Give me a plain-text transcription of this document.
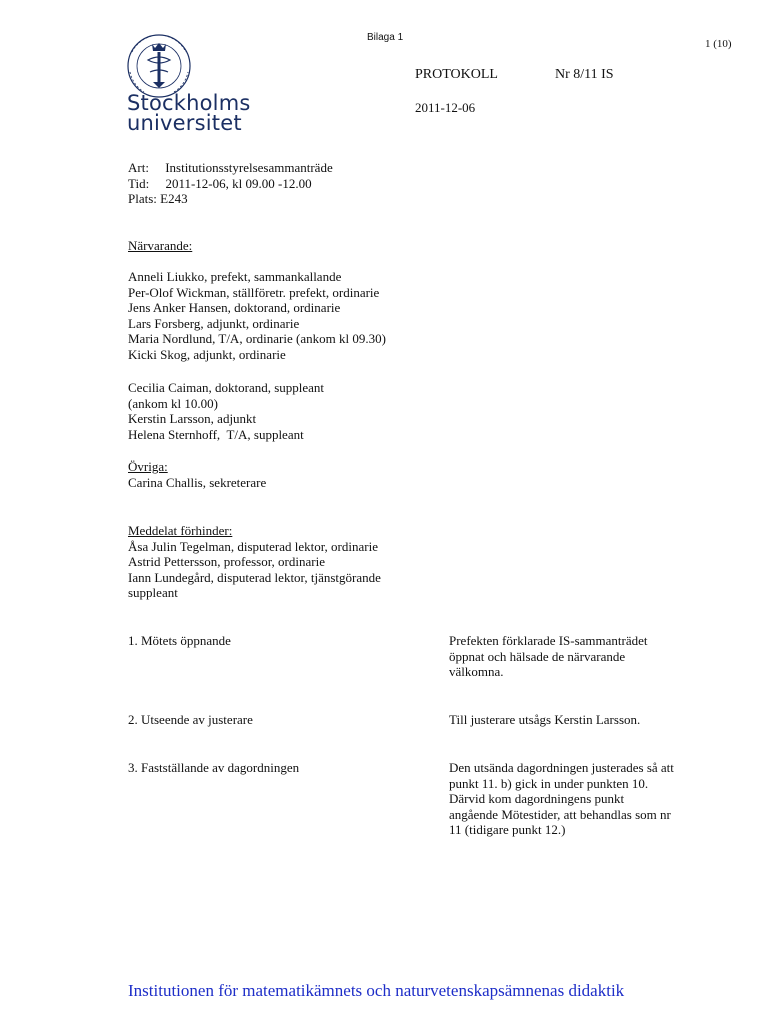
Bilaga 1
1 (10)
PROTOKOLL	Nr 8/11 IS
2011-12-06
Stockholms
universitet
Art:     Institutionsstyrelsesammanträde
Tid:     2011-12-06, kl 09.00 -12.00
Plats: E243
Närvarande:
Anneli Liukko, prefekt, sammankallande
Per-Olof Wickman, ställföretr. prefekt, ordinarie
Jens Anker Hansen, doktorand, ordinarie
Lars Forsberg, adjunkt, ordinarie
Maria Nordlund, T/A, ordinarie (ankom kl 09.30)
Kicki Skog, adjunkt, ordinarie
Cecilia Caiman, doktorand, suppleant
(ankom kl 10.00)
Kerstin Larsson, adjunkt
Helena Sternhoff,  T/A, suppleant
Övriga:
Carina Challis, sekreterare
Meddelat förhinder:
Åsa Julin Tegelman, disputerad lektor, ordinarie
Astrid Pettersson, professor, ordinarie
Iann Lundegård, disputerad lektor, tjänstgörande
suppleant
1. Mötets öppnande	Prefekten förklarade IS-sammanträdet
öppnat och hälsade de närvarande
välkomna.
2. Utseende av justerare	Till justerare utsågs Kerstin Larsson.
3. Fastställande av dagordningen	Den utsända dagordningen justerades så att
punkt 11. b) gick in under punkten 10.
Därvid kom dagordningens punkt
angående Mötestider, att behandlas som nr
11 (tidigare punkt 12.)
Institutionen för matematikämnets och naturvetenskapsämnenas didaktik
